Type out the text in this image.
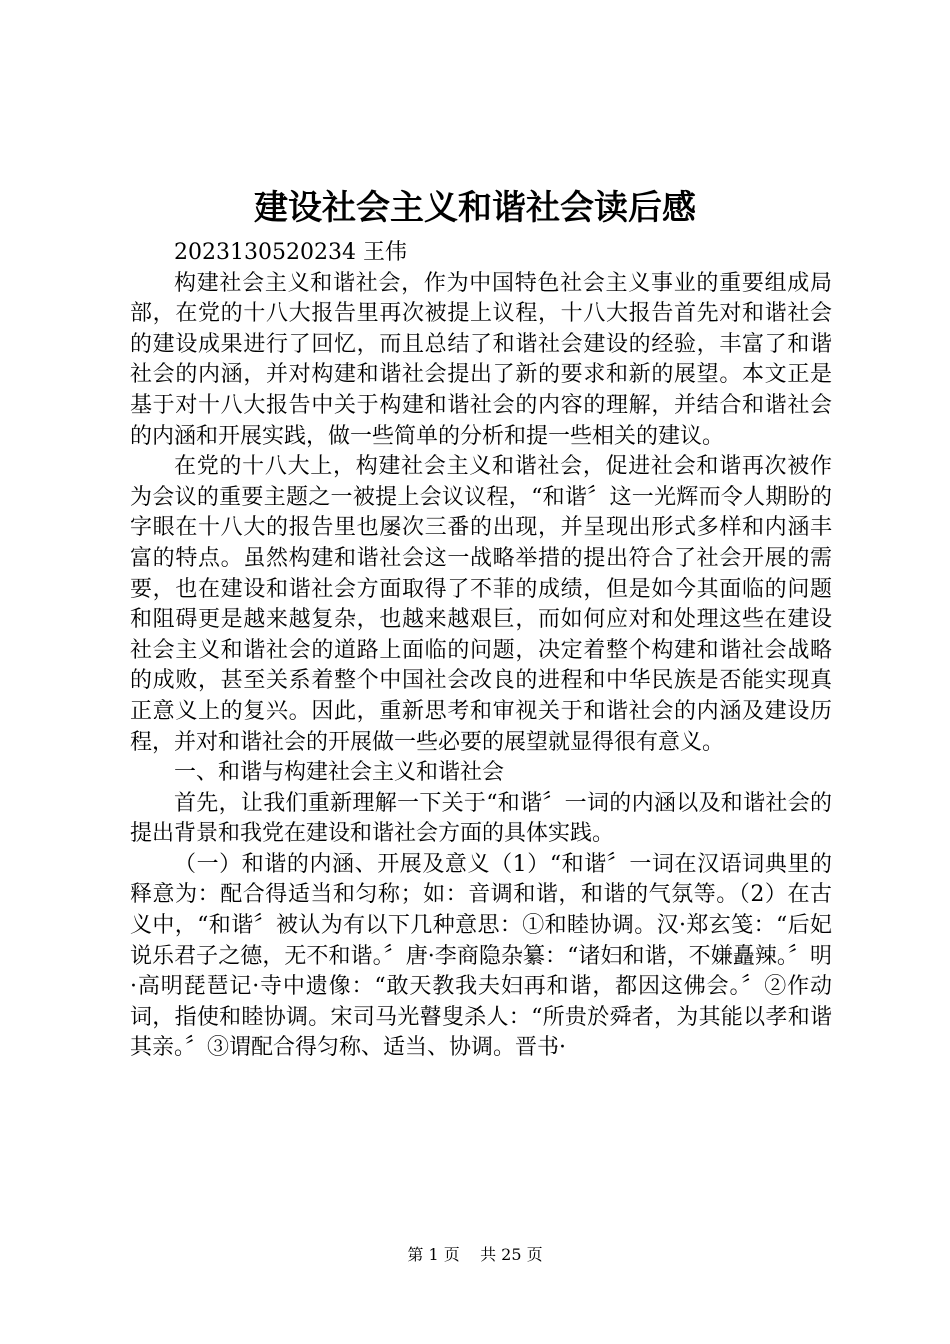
建设社会主义和谐社会读后感

2023130520234 王伟

构建社会主义和谐社会，作为中国特色社会主义事业的重要组成局部，在党的十八大报告里再次被提上议程，十八大报告首先对和谐社会的建设成果进行了回忆，而且总结了和谐社会建设的经验，丰富了和谐社会的内涵，并对构建和谐社会提出了新的要求和新的展望。本文正是基于对十八大报告中关于构建和谐社会的内容的理解，并结合和谐社会的内涵和开展实践，做一些简单的分析和提一些相关的建议。

在党的十八大上，构建社会主义和谐社会，促进社会和谐再次被作为会议的重要主题之一被提上会议议程，“和谐〞这一光辉而令人期盼的字眼在十八大的报告里也屡次三番的出现，并呈现出形式多样和内涵丰富的特点。虽然构建和谐社会这一战略举措的提出符合了社会开展的需要，也在建设和谐社会方面取得了不菲的成绩，但是如今其面临的问题和阻碍更是越来越复杂，也越来越艰巨，而如何应对和处理这些在建设社会主义和谐社会的道路上面临的问题，决定着整个构建和谐社会战略的成败，甚至关系着整个中国社会改良的进程和中华民族是否能实现真正意义上的复兴。因此，重新思考和审视关于和谐社会的内涵及建设历程，并对和谐社会的开展做一些必要的展望就显得很有意义。

一、和谐与构建社会主义和谐社会

首先，让我们重新理解一下关于“和谐〞一词的内涵以及和谐社会的提出背景和我党在建设和谐社会方面的具体实践。

（一）和谐的内涵、开展及意义（1）“和谐〞一词在汉语词典里的释意为：配合得适当和匀称；如：音调和谐，和谐的气氛等。（2）在古义中，“和谐〞被认为有以下几种意思：①和睦协调。汉·郑玄笺：“后妃说乐君子之德，无不和谐。〞唐·李商隐杂纂：“诸妇和谐，不嫌矗辣。〞明·高明琵琶记·寺中遗像：“敢天教我夫妇再和谐，都因这佛会。〞②作动词，指使和睦协调。宋司马光瞽叟杀人：“所贵於舜者，为其能以孝和谐其亲。〞③谓配合得匀称、适当、协调。晋书·

第 1 页 共 25 页
